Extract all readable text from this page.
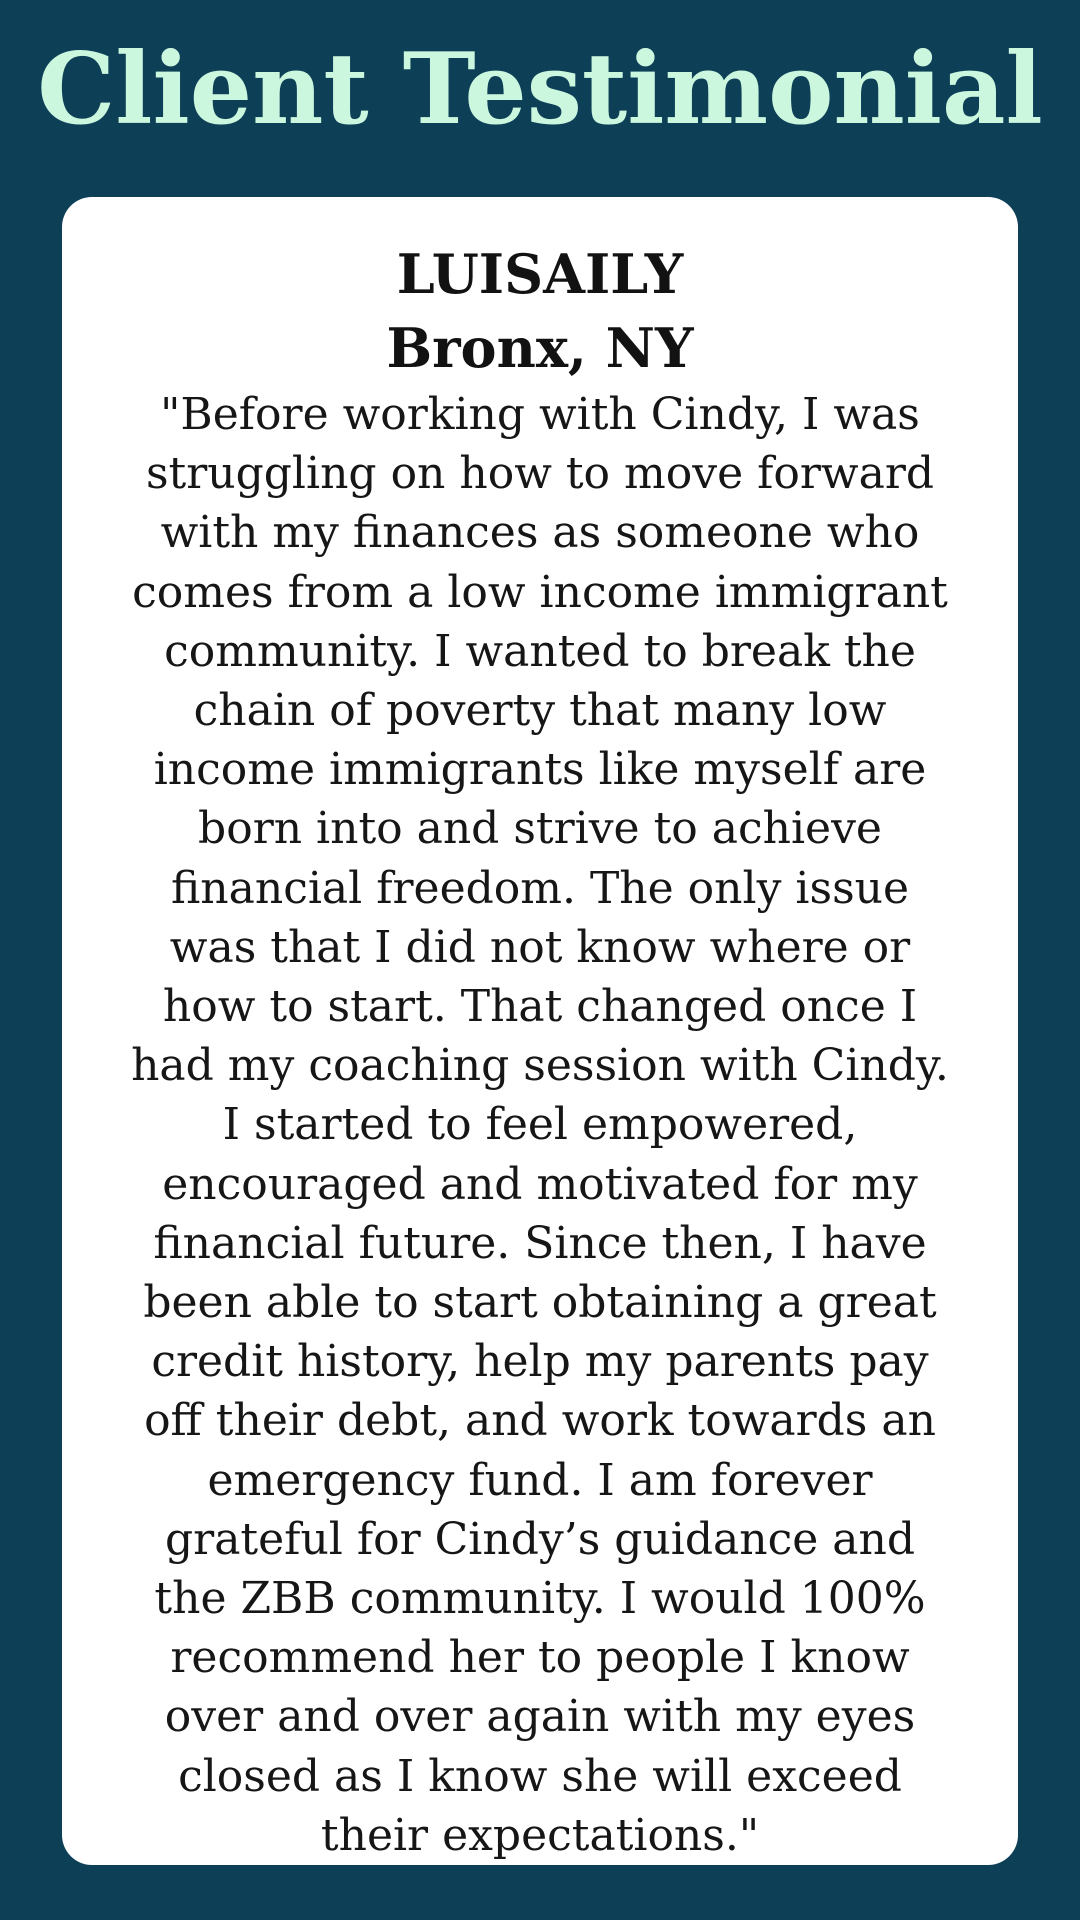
Client Testimonial
LUISAILY
Bronx, NY
"Before working with Cindy, I was
struggling on how to move forward
with my finances as someone who
comes from a low income immigrant
community. I wanted to break the
chain of poverty that many low
income immigrants like myself are
born into and strive to achieve
financial freedom. The only issue
was that I did not know where or
how to start. That changed once I
had my coaching session with Cindy.
I started to feel empowered,
encouraged and motivated for my
financial future. Since then, I have
been able to start obtaining a great
credit history, help my parents pay
off their debt, and work towards an
emergency fund. I am forever
grateful for Cindy’s guidance and
the ZBB community. I would 100%
recommend her to people I know
over and over again with my eyes
closed as I know she will exceed
their expectations."
